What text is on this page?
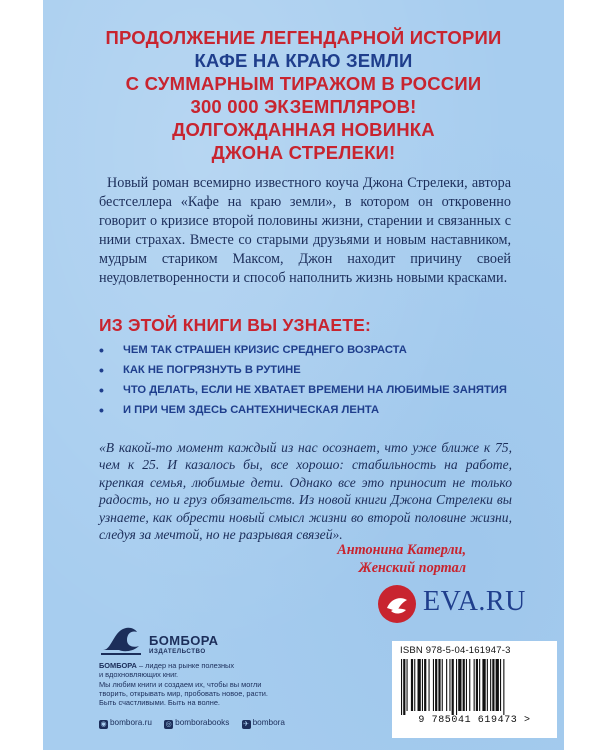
ПРОДОЛЖЕНИЕ ЛЕГЕНДАРНОЙ ИСТОРИИ
КАФЕ НА КРАЮ ЗЕМЛИ
С СУММАРНЫМ ТИРАЖОМ В РОССИИ
300 000 ЭКЗЕМПЛЯРОВ!
ДОЛГОЖДАННАЯ НОВИНКА
ДЖОНА СТРЕЛЕКИ!

Новый роман всемирно известного коуча Джона Стрелеки, автора бестселлера «Кафе на краю земли», в котором он откровенно говорит о кризисе второй половины жизни, старении и связанных с ними страхах. Вместе со старыми друзьями и новым наставником, мудрым стариком Максом, Джон находит причину своей неудовлетворенности и способ наполнить жизнь новыми красками.

ИЗ ЭТОЙ КНИГИ ВЫ УЗНАЕТЕ:
• ЧЕМ ТАК СТРАШЕН КРИЗИС СРЕДНЕГО ВОЗРАСТА
• КАК НЕ ПОГРЯЗНУТЬ В РУТИНЕ
• ЧТО ДЕЛАТЬ, ЕСЛИ НЕ ХВАТАЕТ ВРЕМЕНИ НА ЛЮБИМЫЕ ЗАНЯТИЯ
• И ПРИ ЧЕМ ЗДЕСЬ САНТЕХНИЧЕСКАЯ ЛЕНТА

«В какой-то момент каждый из нас осознает, что уже ближе к 75, чем к 25. И казалось бы, все хорошо: стабильность на работе, крепкая семья, любимые дети. Однако все это приносит не только радость, но и груз обязательств. Из новой книги Джона Стрелеки вы узнаете, как обрести новый смысл жизни во второй половине жизни, следуя за мечтой, но не разрывая связей».

Антонина Катерли,
Женский портал
EVA.RU
БОМБОРА
ИЗДАТЕЛЬСТВО
БОМБОРА – лидер на рынке полезных
и вдохновляющих книг.
Мы любим книги и создаем их, чтобы вы могли
творить, открывать мир, пробовать новое, расти.
Быть счастливыми. Быть на волне.
◉ bombora.ru ◎ bomborabooks ✈ bombora
ISBN 978-5-04-161947-3
9 785041 619473 >
